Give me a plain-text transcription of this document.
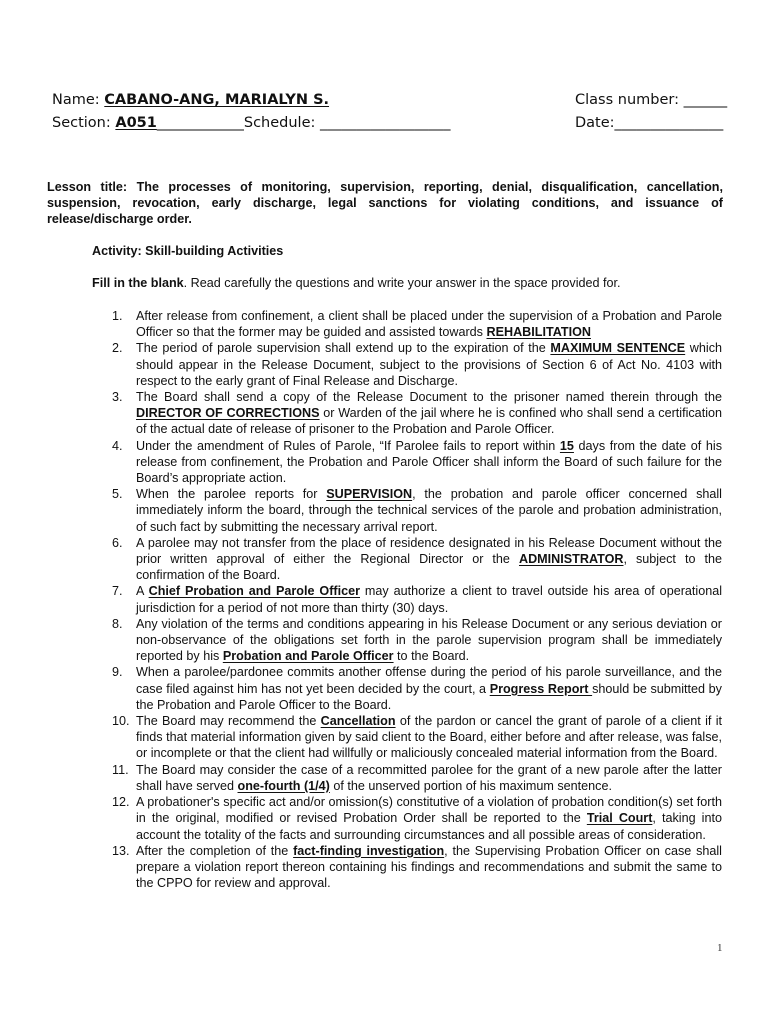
Name: CABANO-ANG, MARIALYN S.	Class number: ______
Section: A051____________Schedule: __________________	Date:_______________
Lesson title: The processes of monitoring, supervision, reporting, denial, disqualification, cancellation, suspension, revocation, early discharge, legal sanctions for violating conditions, and issuance of release/discharge order.
Activity: Skill-building Activities
Fill in the blank. Read carefully the questions and write your answer in the space provided for.
1. After release from confinement, a client shall be placed under the supervision of a Probation and Parole Officer so that the former may be guided and assisted towards REHABILITATION
2. The period of parole supervision shall extend up to the expiration of the MAXIMUM SENTENCE which should appear in the Release Document, subject to the provisions of Section 6 of Act No. 4103 with respect to the early grant of Final Release and Discharge.
3. The Board shall send a copy of the Release Document to the prisoner named therein through the DIRECTOR OF CORRECTIONS or Warden of the jail where he is confined who shall send a certification of the actual date of release of prisoner to the Probation and Parole Officer.
4. Under the amendment of Rules of Parole, “If Parolee fails to report within 15 days from the date of his release from confinement, the Probation and Parole Officer shall inform the Board of such failure for the Board’s appropriate action.
5. When the parolee reports for SUPERVISION, the probation and parole officer concerned shall immediately inform the board, through the technical services of the parole and probation administration, of such fact by submitting the necessary arrival report.
6. A parolee may not transfer from the place of residence designated in his Release Document without the prior written approval of either the Regional Director or the ADMINISTRATOR, subject to the confirmation of the Board.
7. A Chief Probation and Parole Officer may authorize a client to travel outside his area of operational jurisdiction for a period of not more than thirty (30) days.
8. Any violation of the terms and conditions appearing in his Release Document or any serious deviation or non-observance of the obligations set forth in the parole supervision program shall be immediately reported by his Probation and Parole Officer to the Board.
9. When a parolee/pardonee commits another offense during the period of his parole surveillance, and the case filed against him has not yet been decided by the court, a Progress Report should be submitted by the Probation and Parole Officer to the Board.
10. The Board may recommend the Cancellation of the pardon or cancel the grant of parole of a client if it finds that material information given by said client to the Board, either before and after release, was false, or incomplete or that the client had willfully or maliciously concealed material information from the Board.
11. The Board may consider the case of a recommitted parolee for the grant of a new parole after the latter shall have served one-fourth (1/4) of the unserved portion of his maximum sentence.
12. A probationer's specific act and/or omission(s) constitutive of a violation of probation condition(s) set forth in the original, modified or revised Probation Order shall be reported to the Trial Court, taking into account the totality of the facts and surrounding circumstances and all possible areas of consideration.
13. After the completion of the fact-finding investigation, the Supervising Probation Officer on case shall prepare a violation report thereon containing his findings and recommendations and submit the same to the CPPO for review and approval.
1
